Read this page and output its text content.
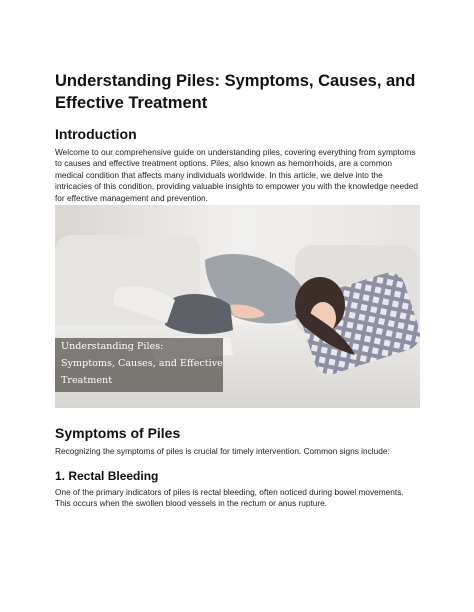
Understanding Piles: Symptoms, Causes, and Effective Treatment
Introduction

Welcome to our comprehensive guide on understanding piles, covering everything from symptoms to causes and effective treatment options. Piles, also known as hemorrhoids, are a common medical condition that affects many individuals worldwide. In this article, we delve into the intricacies of this condition, providing valuable insights to empower you with the knowledge needed for effective management and prevention.

Understanding Piles:
Symptoms, Causes, and Effective
Treatment
Symptoms of Piles

Recognizing the symptoms of piles is crucial for timely intervention. Common signs include:

1. Rectal Bleeding

One of the primary indicators of piles is rectal bleeding, often noticed during bowel movements. This occurs when the swollen blood vessels in the rectum or anus rupture.
